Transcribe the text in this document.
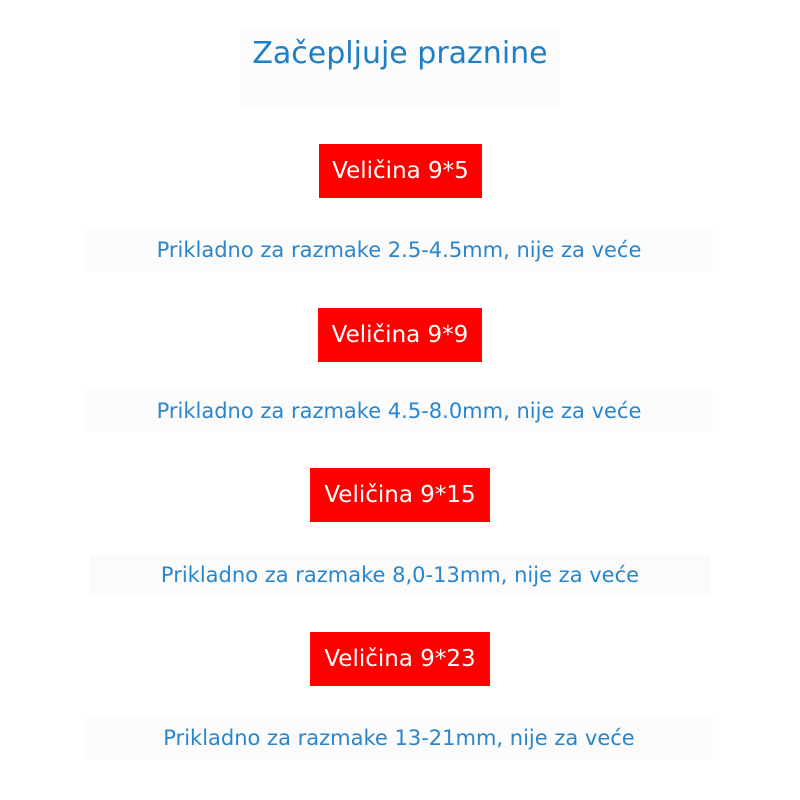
Začepljuje praznine
Veličina 9*5
Prikladno za razmake 2.5-4.5mm, nije za veće
Veličina 9*9
Prikladno za razmake 4.5-8.0mm, nije za veće
Veličina 9*15
Prikladno za razmake 8,0-13mm, nije za veće
Veličina 9*23
Prikladno za razmake 13-21mm, nije za veće
